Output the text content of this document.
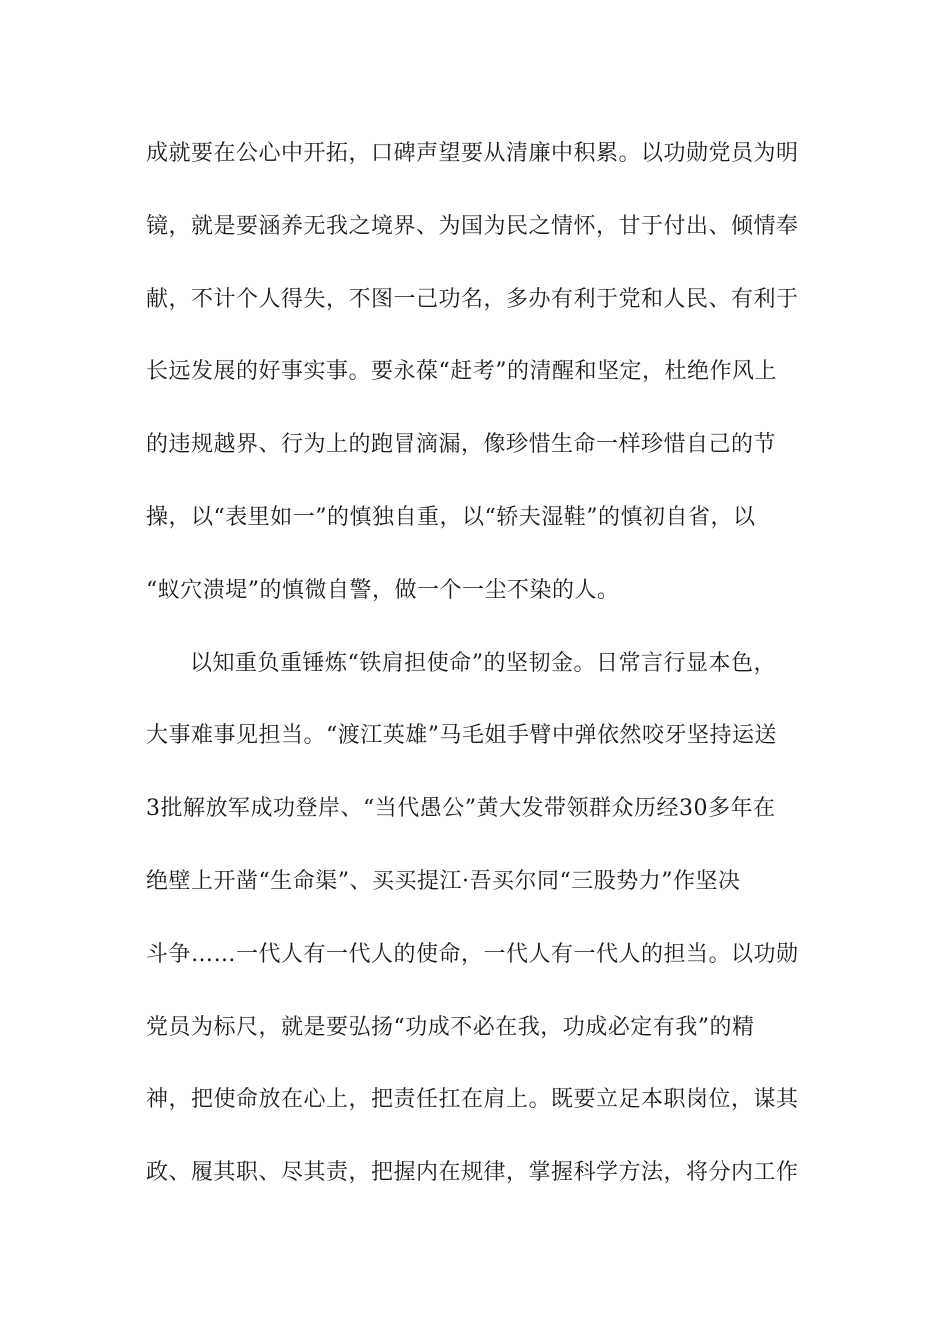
成就要在公心中开拓，口碑声望要从清廉中积累。以功勋党员为明
镜，就是要涵养无我之境界、为国为民之情怀，甘于付出、倾情奉
献，不计个人得失，不图一己功名，多办有利于党和人民、有利于
长远发展的好事实事。要永葆“赶考”的清醒和坚定，杜绝作风上
的违规越界、行为上的跑冒滴漏，像珍惜生命一样珍惜自己的节
操，以“表里如一”的慎独自重，以“轿夫湿鞋”的慎初自省，以
“蚁穴溃堤”的慎微自警，做一个一尘不染的人。
以知重负重锤炼“铁肩担使命”的坚韧金。日常言行显本色，
大事难事见担当。“渡江英雄”马毛姐手臂中弹依然咬牙坚持运送
3批解放军成功登岸、“当代愚公”黄大发带领群众历经30多年在
绝壁上开凿“生命渠”、买买提江·吾买尔同“三股势力”作坚决
斗争……一代人有一代人的使命，一代人有一代人的担当。以功勋
党员为标尺，就是要弘扬“功成不必在我，功成必定有我”的精
神，把使命放在心上，把责任扛在肩上。既要立足本职岗位，谋其
政、履其职、尽其责，把握内在规律，掌握科学方法，将分内工作
